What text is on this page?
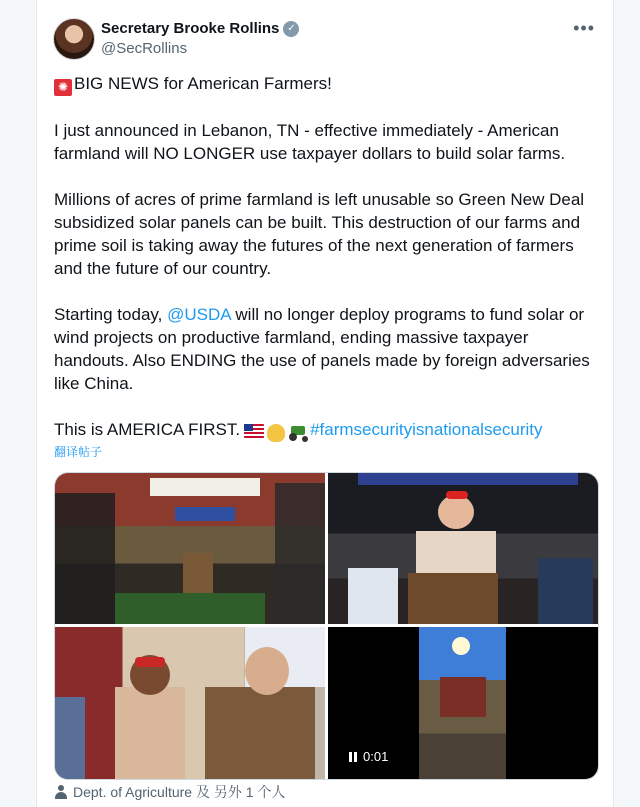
Secretary Brooke Rollins ✓
@SecRollins
•••

✺ BIG NEWS for American Farmers!

I just announced in Lebanon, TN - effective immediately - American farmland will NO LONGER use taxpayer dollars to build solar farms.

Millions of acres of prime farmland is left unusable so Green New Deal subsidized solar panels can be built. This destruction of our farms and prime soil is taking away the futures of the next generation of farmers and the future of our country.

Starting today, @USDA will no longer deploy programs to fund solar or wind projects on productive farmland, ending massive taxpayer handouts. Also ENDING the use of panels made by foreign adversaries like China.

This is AMERICA FIRST.	#farmsecurityisnationalsecurity

翻译帖子
0:01
Dept. of Agriculture 及 另外 1 个人
